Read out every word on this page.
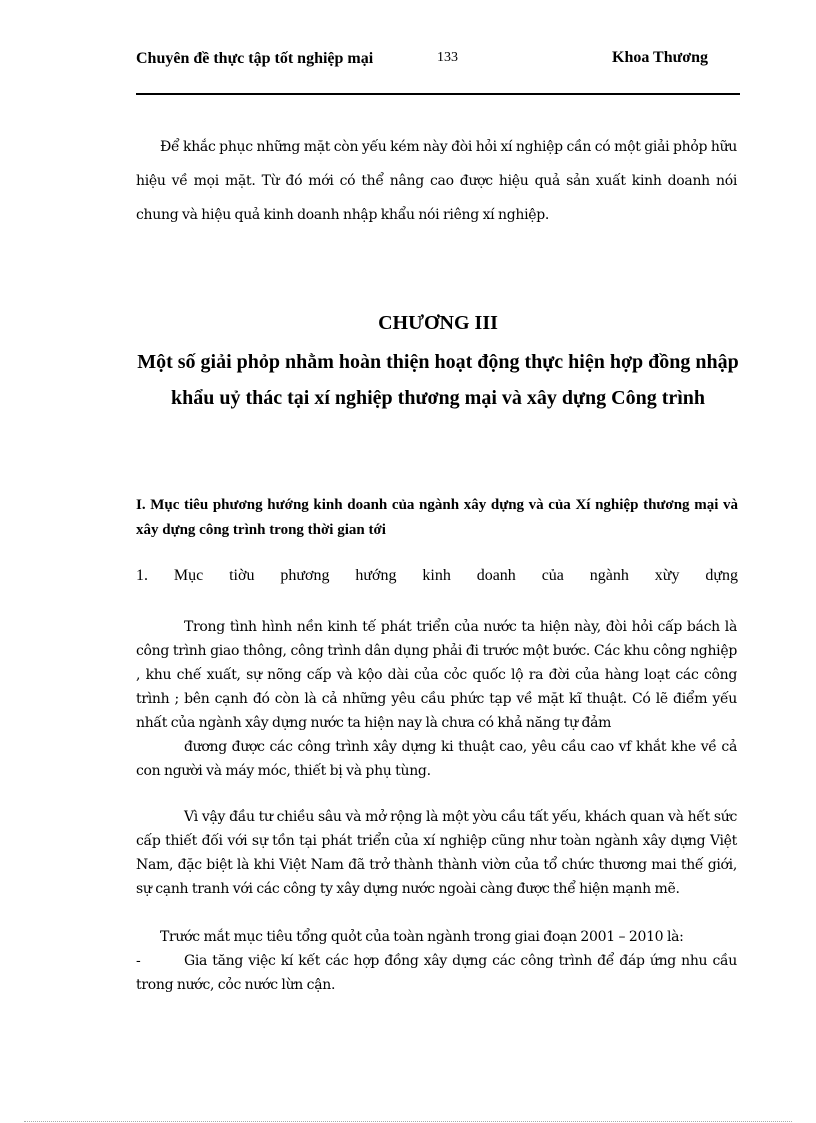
Chuyên đề thực tập tốt nghiệp mại	133	Khoa Thương

Để khắc phục những mặt còn yếu kém này đòi hỏi xí nghiệp cần có một giải phỏp hữu hiệu về mọi mặt. Từ đó mới có thể nâng cao được hiệu quả sản xuất kinh doanh nói chung và hiệu quả kinh doanh nhập khẩu nói riêng xí nghiệp.

CHƯƠNG III
Một số giải phỏp nhằm hoàn thiện hoạt động thực hiện hợp đồng nhập khẩu uỷ thác tại xí nghiệp thương mại và xây dựng Công trình

I. Mục tiêu phương hướng kinh doanh của ngành xây dựng và của Xí nghiệp thương mại và xây dựng công trình trong thời gian tới

1. Mục tiờu phương hướng kinh doanh của ngành xừy dựng
Trong tình hình nền kinh tế phát triển của nước ta hiện này, đòi hỏi cấp bách là công trình giao thông, công trình dân dụng phải đi trước một bước. Các khu công nghiệp , khu chế xuất, sự nõng cấp và kộo dài của cỏc quốc lộ ra đời của hàng loạt các công trình ; bên cạnh đó còn là cả những yêu cầu phức tạp về mặt kĩ thuật. Có lẽ điểm yếu nhất của ngành xây dựng nước ta hiện nay là chưa có khả năng tự đảm
đương được các công trình xây dựng ki thuật cao, yêu cầu cao vf khắt khe về cả con người và máy móc, thiết bị và phụ tùng.

Vì vậy đầu tư chiều sâu và mở rộng là một yờu cầu tất yếu, khách quan và hết sức cấp thiết đối với sự tồn tại phát triển của xí nghiệp cũng như toàn ngành xây dựng Việt Nam, đặc biệt là khi Việt Nam đã trở thành thành viờn của tổ chức thương mai thế giới, sự cạnh tranh với các công ty xây dựng nước ngoài càng được thể hiện mạnh mẽ.

Trước mắt mục tiêu tổng quỏt của toàn ngành trong giai đoạn 2001 – 2010 là:

-	Gia tăng việc kí kết các hợp đồng xây dựng các công trình để đáp ứng nhu cầu trong nước, cỏc nước lừn cận.
